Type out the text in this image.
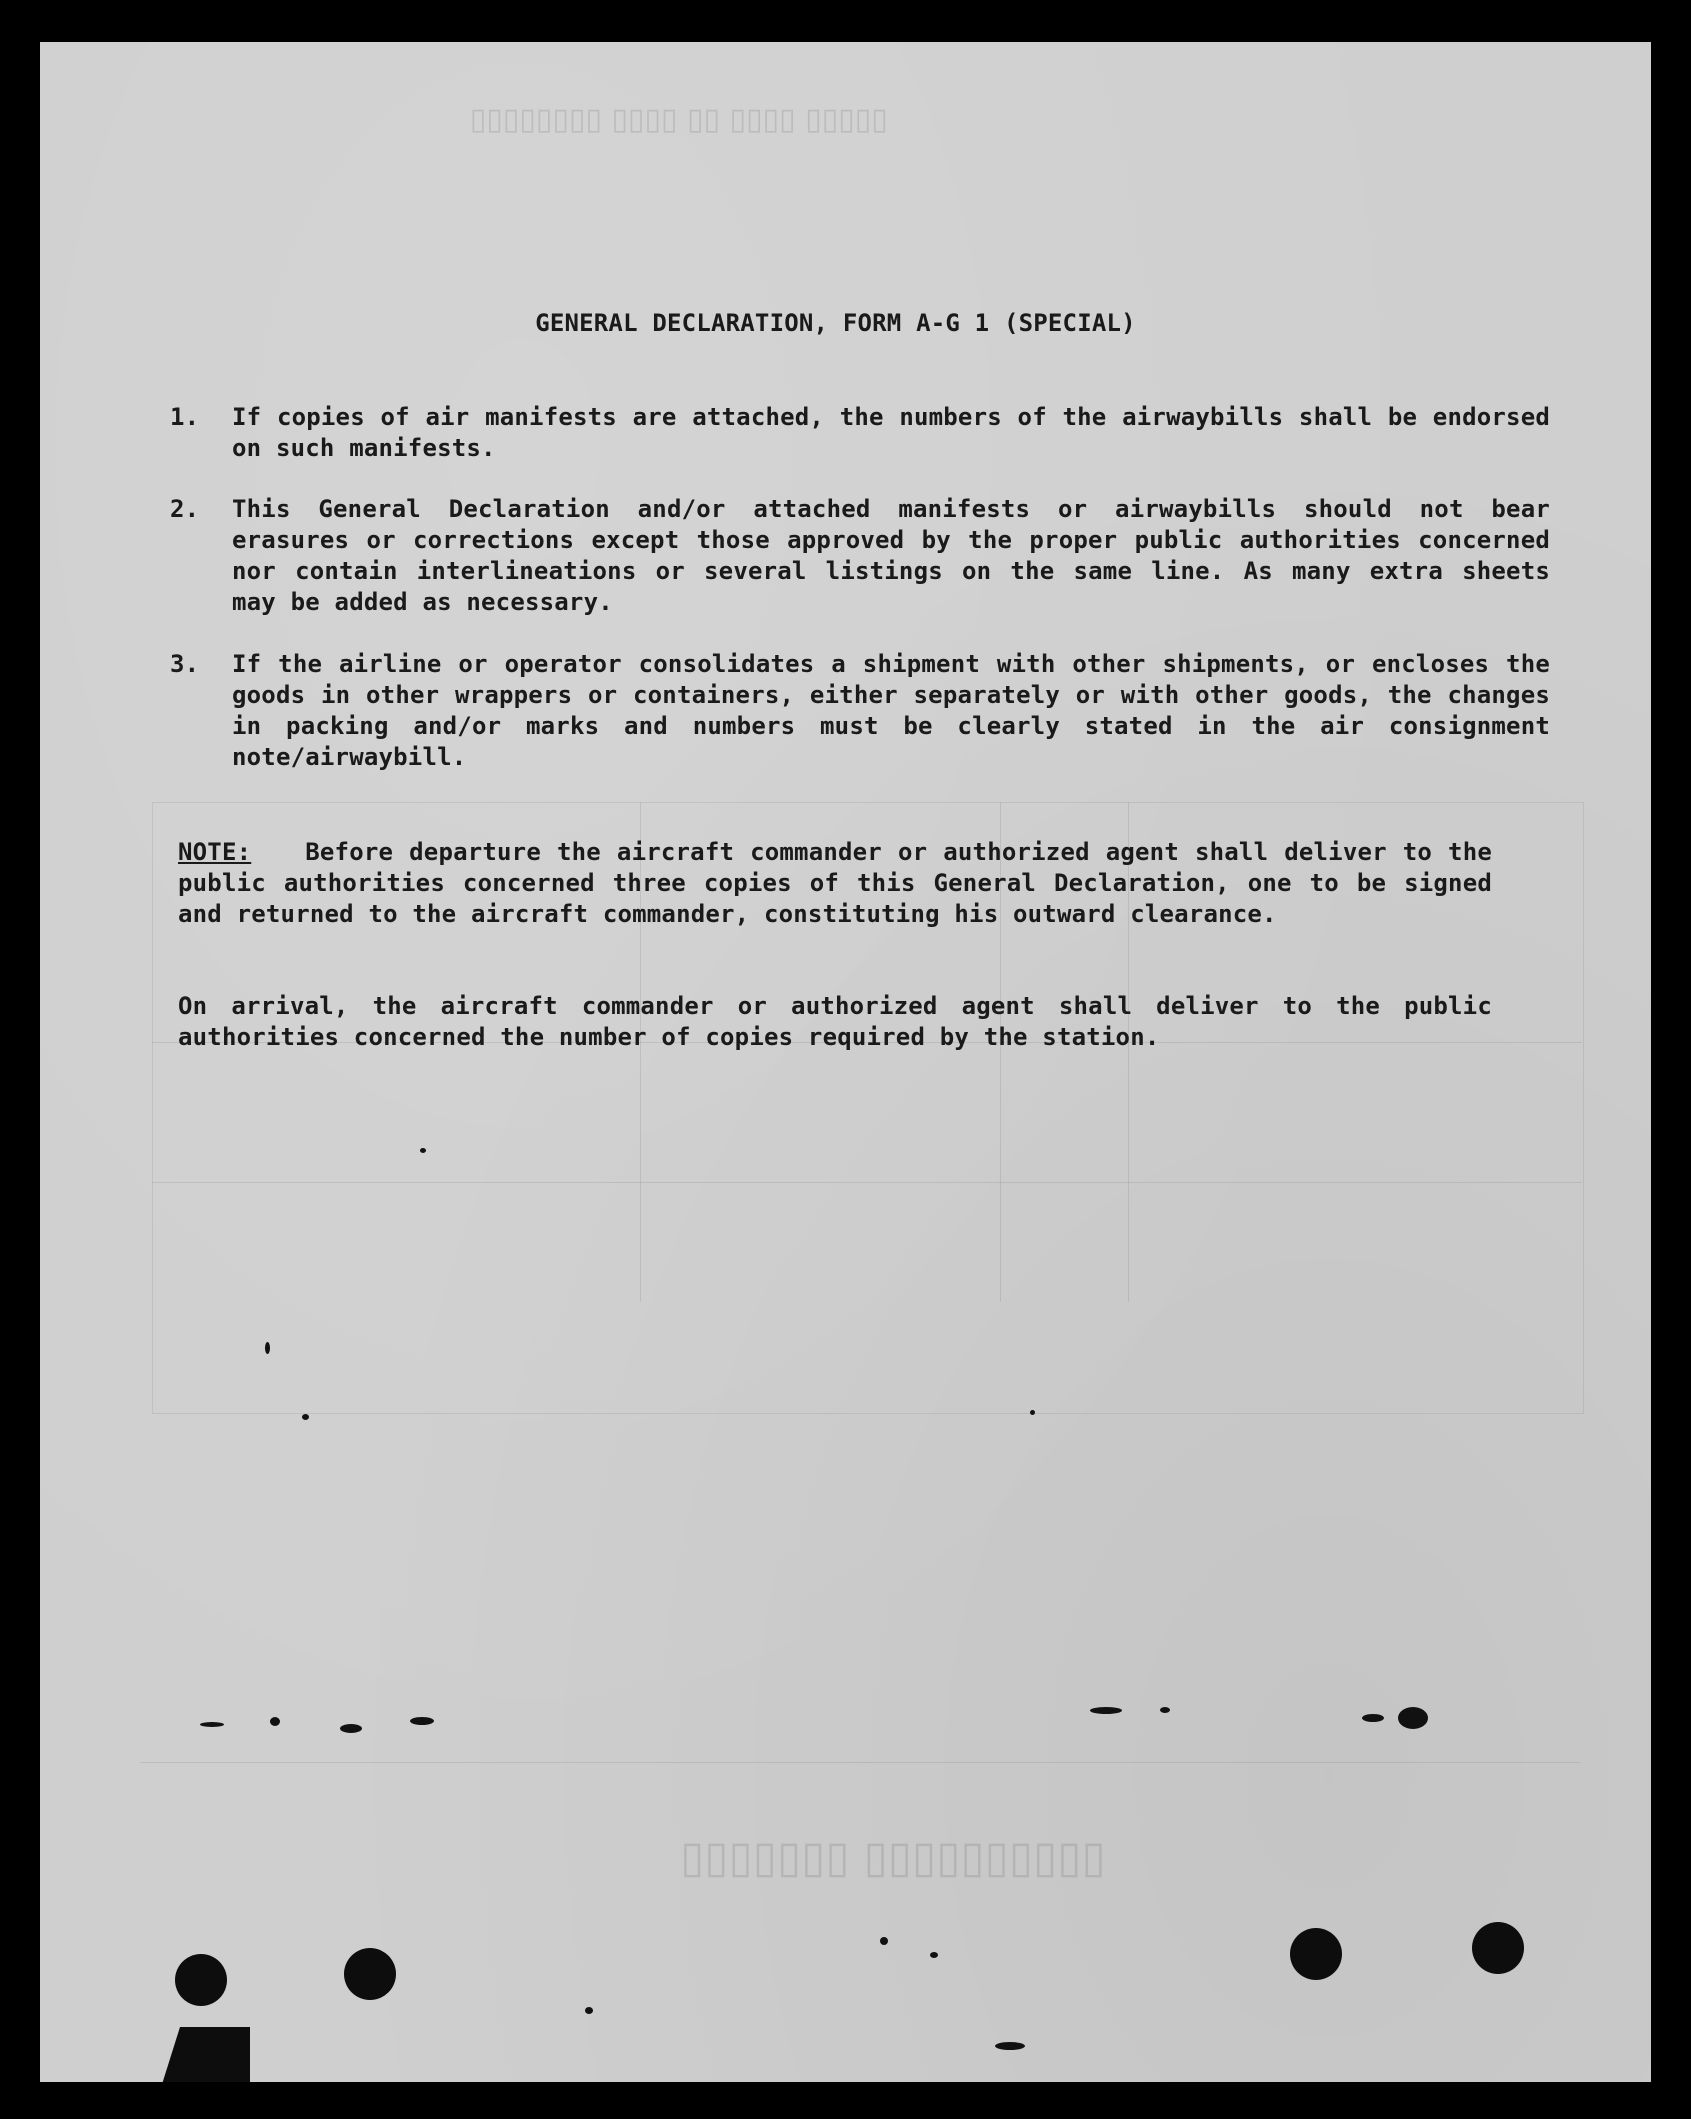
▯▯▯▯▯ ▯▯▯▯ ▯▯ ▯▯▯▯ ▯▯▯▯▯▯▯▯
▯▯▯▯▯▯▯▯▯▯ ▯▯▯▯▯▯▯
GENERAL DECLARATION, FORM A-G 1 (SPECIAL)
1.	If copies of air manifests are attached, the numbers of the airwaybills shall be endorsed on such manifests.
2.	This General Declaration and/or attached manifests or airwaybills should not bear erasures or corrections except those approved by the proper public authorities concerned nor contain interlineations or several listings on the same line. As many extra sheets may be added as necessary.
3.	If the airline or operator consolidates a shipment with other shipments, or encloses the goods in other wrappers or containers, either separately or with other goods, the changes in packing and/or marks and numbers must be clearly stated in the air consignment note/airwaybill.
NOTE: Before departure the aircraft commander or authorized agent shall deliver to the public authorities concerned three copies of this General Declaration, one to be signed and returned to the aircraft commander, constituting his outward clearance.
On arrival, the aircraft commander or authorized agent shall deliver to the public authorities concerned the number of copies required by the station.
